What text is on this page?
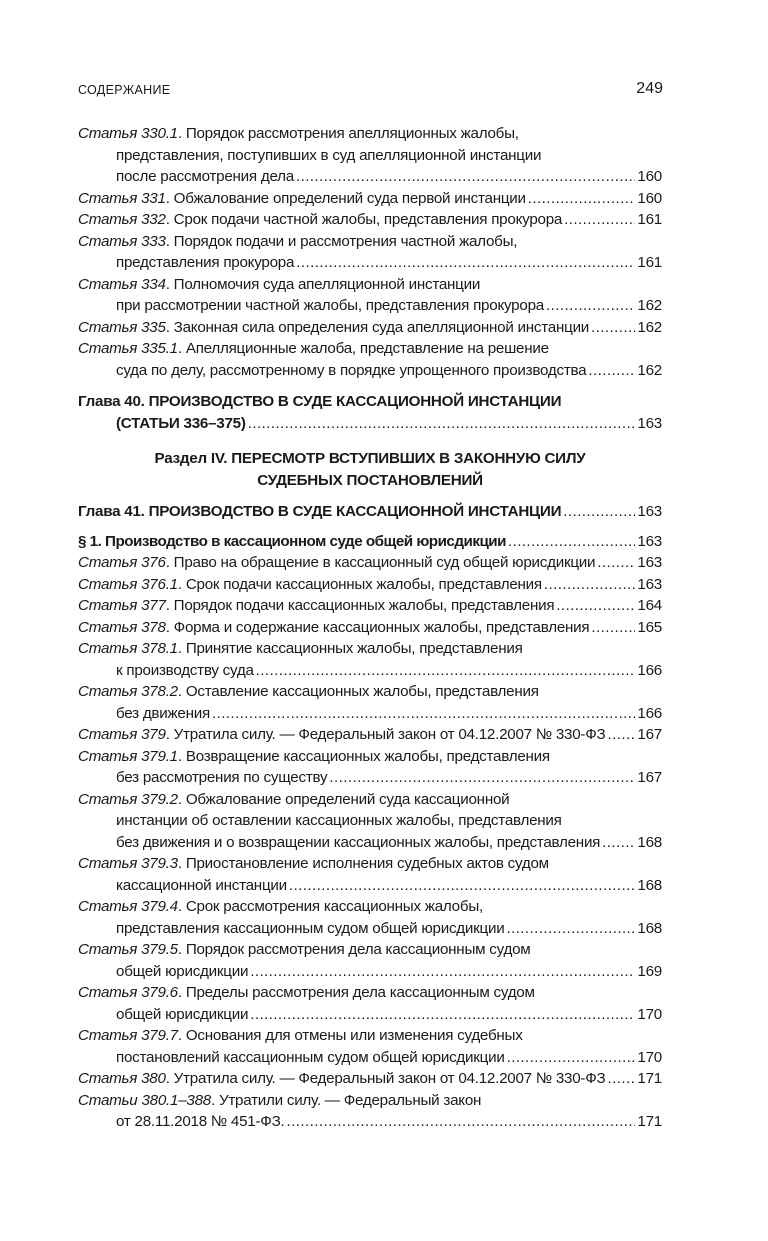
СОДЕРЖАНИЕ	249
Статья 330.1 . Порядок рассмотрения апелляционных жалобы,
представления, поступивших в суд апелляционной инстанции
после рассмотрения дела .....	160
Статья 331 . Обжалование определений суда первой инстанции .....	160
Статья 332 . Срок подачи частной жалобы, представления прокурора .....	161
Статья 333 . Порядок подачи и рассмотрения частной жалобы,
представления прокурора .....	161
Статья 334 . Полномочия суда апелляционной инстанции
при рассмотрении частной жалобы, представления прокурора .....	162
Статья 335 . Законная сила определения суда апелляционной инстанции .....	162
Статья 335.1 . Апелляционные жалоба, представление на решение
суда по делу, рассмотренному в порядке упрощенного производства .....	162
Глава 40. ПРОИЗВОДСТВО В СУДЕ КАССАЦИОННОЙ ИНСТАНЦИИ
(СТАТЬИ 336–375) .....	163
Раздел IV. ПЕРЕСМОТР ВСТУПИВШИХ В ЗАКОННУЮ СИЛУ
СУДЕБНЫХ ПОСТАНОВЛЕНИЙ
Глава 41. ПРОИЗВОДСТВО В СУДЕ КАССАЦИОННОЙ ИНСТАНЦИИ .....	163
§ 1. Производство в кассационном суде общей юрисдикции .....	163
Статья 376 . Право на обращение в кассационный суд общей юрисдикции .....	163
Статья 376.1 . Срок подачи кассационных жалобы, представления .....	163
Статья 377 . Порядок подачи кассационных жалобы, представления .....	164
Статья 378 . Форма и содержание кассационных жалобы, представления .....	165
Статья 378.1 . Принятие кассационных жалобы, представления
к производству суда .....	166
Статья 378.2 . Оставление кассационных жалобы, представления
без движения .....	166
Статья 379 . Утратила силу. — Федеральный закон от 04.12.2007 № 330-ФЗ ..... 167
Статья 379.1 . Возвращение кассационных жалобы, представления
без рассмотрения по существу .....	167
Статья 379.2 . Обжалование определений суда кассационной
инстанции об оставлении кассационных жалобы, представления
без движения и о возвращении кассационных жалобы, представления ..... 168
Статья 379.3 . Приостановление исполнения судебных актов судом
кассационной инстанции .....	168
Статья 379.4 . Срок рассмотрения кассационных жалобы,
представления кассационным судом общей юрисдикции .....	168
Статья 379.5 . Порядок рассмотрения дела кассационным судом
общей юрисдикции .....	169
Статья 379.6 . Пределы рассмотрения дела кассационным судом
общей юрисдикции .....	170
Статья 379.7 . Основания для отмены или изменения судебных
постановлений кассационным судом общей юрисдикции .....	170
Статья 380 . Утратила силу. — Федеральный закон от 04.12.2007 № 330-ФЗ ..... 171
Статьи 380.1–388 . Утратили силу. — Федеральный закон
от 28.11.2018 № 451-ФЗ. .....	171
